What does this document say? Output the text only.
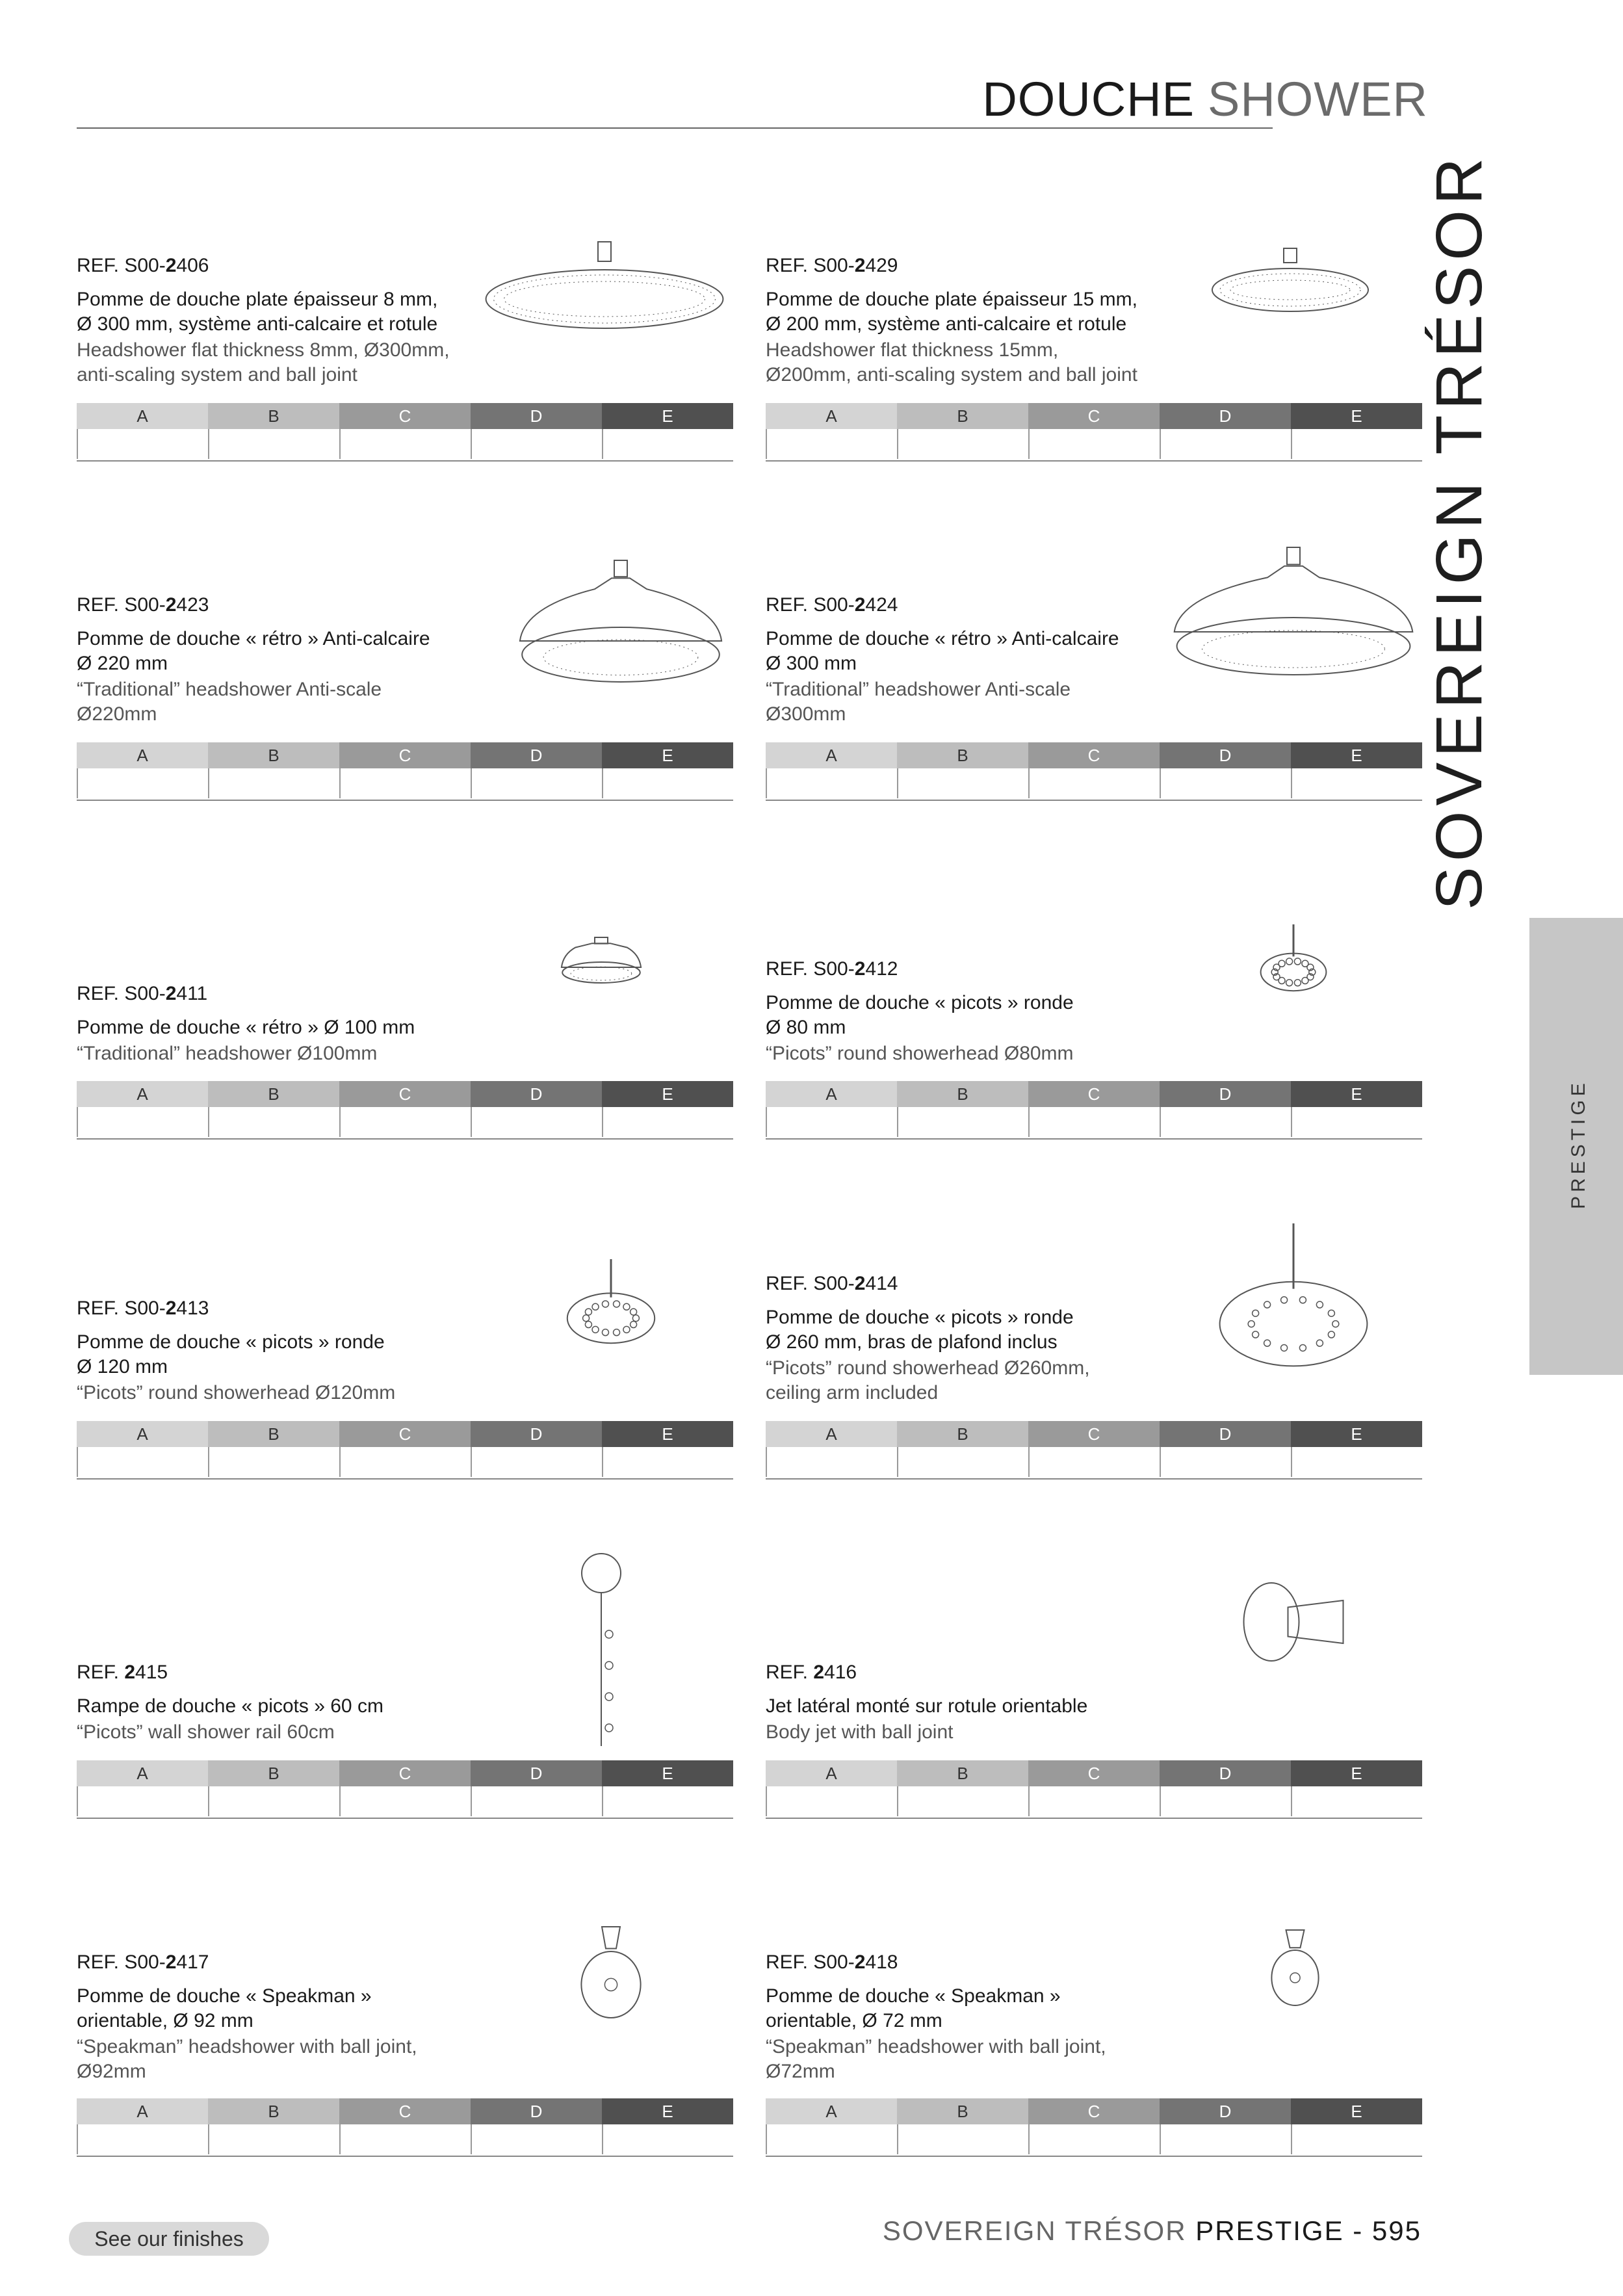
DOUCHE SHOWER
SOVEREIGN TRÉSOR
PRESTIGE
REF. S00-2406
Pomme de douche plate épaisseur 8 mm,
Ø 300 mm, système anti-calcaire et rotule
Headshower flat thickness 8mm, Ø300mm,
anti-scaling system and ball joint
A	B	C	D	E
REF. S00-2429
Pomme de douche plate épaisseur 15 mm,
Ø 200 mm, système anti-calcaire et rotule
Headshower flat thickness 15mm,
Ø200mm, anti-scaling system and ball joint
A	B	C	D	E
REF. S00-2423
Pomme de douche « rétro » Anti-calcaire
Ø 220 mm
“Traditional” headshower Anti-scale
Ø220mm
A	B	C	D	E
REF. S00-2424
Pomme de douche « rétro » Anti-calcaire
Ø 300 mm
“Traditional” headshower Anti-scale
Ø300mm
A	B	C	D	E
REF. S00-2411
Pomme de douche « rétro » Ø 100 mm
“Traditional” headshower Ø100mm
A	B	C	D	E
REF. S00-2412
Pomme de douche « picots » ronde
Ø 80 mm
“Picots” round showerhead Ø80mm
A	B	C	D	E
REF. S00-2413
Pomme de douche « picots » ronde
Ø 120 mm
“Picots” round showerhead Ø120mm
A	B	C	D	E
REF. S00-2414
Pomme de douche « picots » ronde
Ø 260 mm, bras de plafond inclus
“Picots” round showerhead Ø260mm,
ceiling arm included
A	B	C	D	E
REF. 2415
Rampe de douche « picots » 60 cm
“Picots” wall shower rail 60cm
A	B	C	D	E
REF. 2416
Jet latéral monté sur rotule orientable
Body jet with ball joint
A	B	C	D	E
REF. S00-2417
Pomme de douche « Speakman »
orientable, Ø 92 mm
“Speakman” headshower with ball joint,
Ø92mm
A	B	C	D	E
REF. S00-2418
Pomme de douche « Speakman »
orientable, Ø 72 mm
“Speakman” headshower with ball joint,
Ø72mm
A	B	C	D	E
See our finishes	SOVEREIGN TRÉSOR PRESTIGE - 595
